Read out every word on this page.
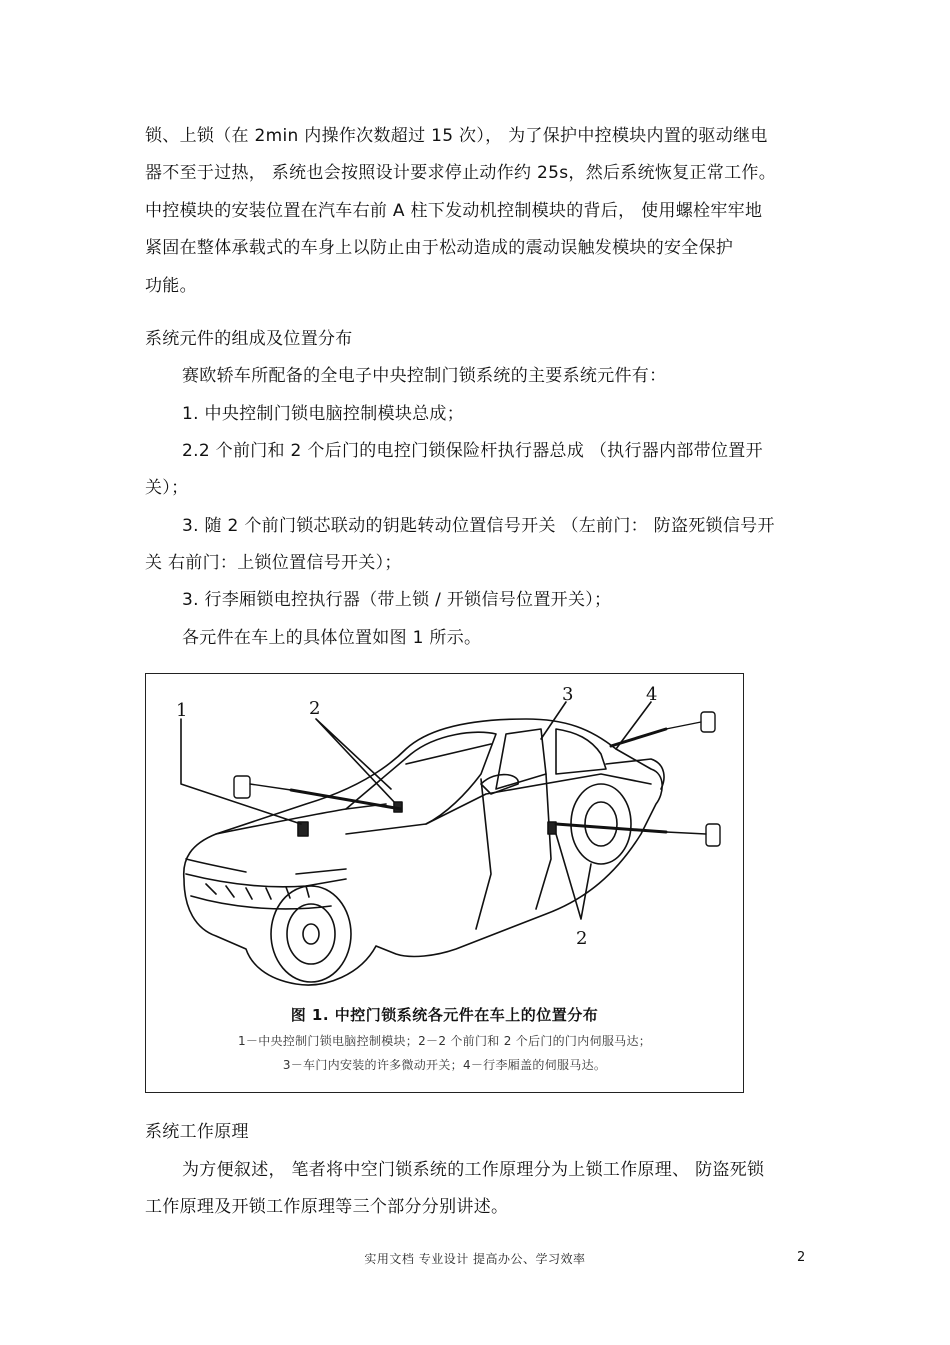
锁、上锁（在 2min 内操作次数超过 15 次）， 为了保护中控模块内置的驱动继电
器不至于过热， 系统也会按照设计要求停止动作约 25s，然后系统恢复正常工作。
中控模块的安装位置在汽车右前 A 柱下发动机控制模块的背后， 使用螺栓牢牢地
紧固在整体承载式的车身上以防止由于松动造成的震动误触发模块的安全保护
功能。
系统元件的组成及位置分布
赛欧轿车所配备的全电子中央控制门锁系统的主要系统元件有：
1. 中央控制门锁电脑控制模块总成；
2.2 个前门和 2 个后门的电控门锁保险杆执行器总成 （执行器内部带位置开
关）；
3. 随 2 个前门锁芯联动的钥匙转动位置信号开关 （左前门： 防盗死锁信号开
关 右前门：上锁位置信号开关）；
3. 行李厢锁电控执行器（带上锁 / 开锁信号位置开关）；
各元件在车上的具体位置如图 1 所示。
1	2
3	4
2
图 1. 中控门锁系统各元件在车上的位置分布
1－中央控制门锁电脑控制模块；2－2 个前门和 2 个后门的门内伺服马达；
3－车门内安装的许多微动开关；4－行李厢盖的伺服马达。
系统工作原理
为方便叙述， 笔者将中空门锁系统的工作原理分为上锁工作原理、 防盗死锁
工作原理及开锁工作原理等三个部分分别讲述。
实用文档 专业设计 提高办公、学习效率	2
